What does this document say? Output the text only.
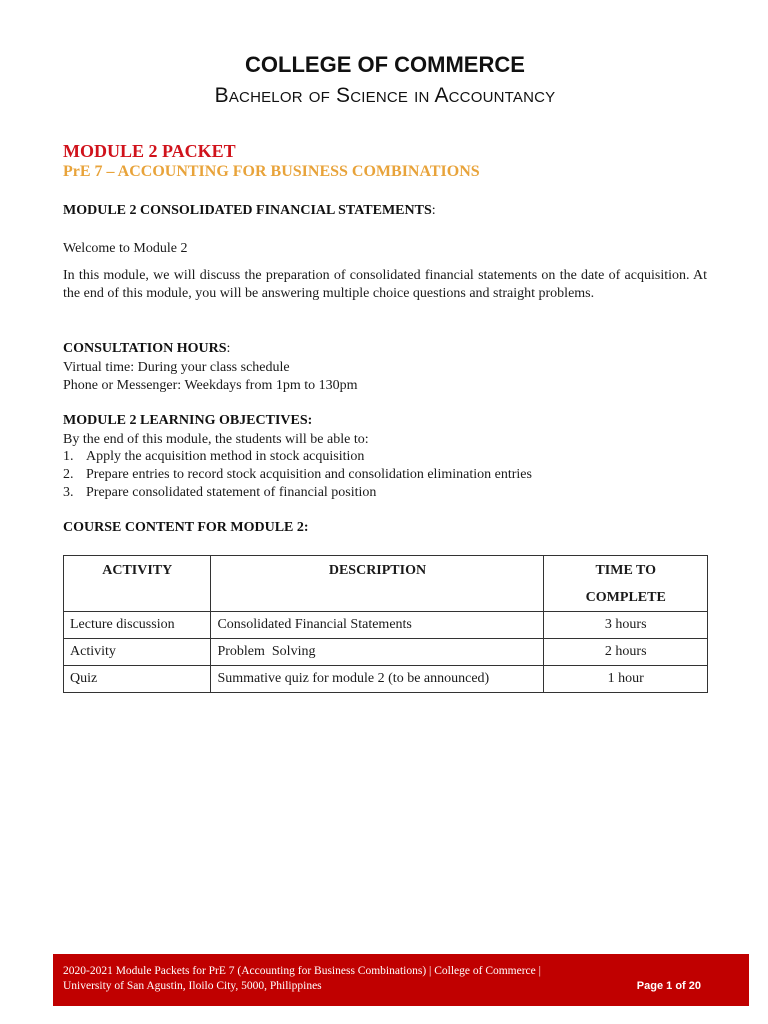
COLLEGE OF COMMERCE
Bachelor of Science in Accountancy
MODULE 2 PACKET
PrE 7 – ACCOUNTING FOR BUSINESS COMBINATIONS
MODULE 2 CONSOLIDATED FINANCIAL STATEMENTS:
Welcome to Module 2
In this module, we will discuss the preparation of consolidated financial statements on the date of acquisition. At the end of this module, you will be answering multiple choice questions and straight problems.
CONSULTATION HOURS:
Virtual time: During your class schedule
Phone or Messenger: Weekdays from 1pm to 130pm
MODULE 2 LEARNING OBJECTIVES:
By the end of this module, the students will be able to:
1. Apply the acquisition method in stock acquisition
2. Prepare entries to record stock acquisition and consolidation elimination entries
3. Prepare consolidated statement of financial position
COURSE CONTENT FOR MODULE 2:
ACTIVITY	DESCRIPTION	TIME TO
COMPLETE
Lecture discussion	Consolidated Financial Statements	3 hours
Activity	Problem  Solving	2 hours
Quiz	Summative quiz for module 2 (to be announced)	1 hour
2020-2021 Module Packets for PrE 7 (Accounting for Business Combinations) | College of Commerce |
University of San Agustin, Iloilo City, 5000, Philippines	Page 1 of 20
